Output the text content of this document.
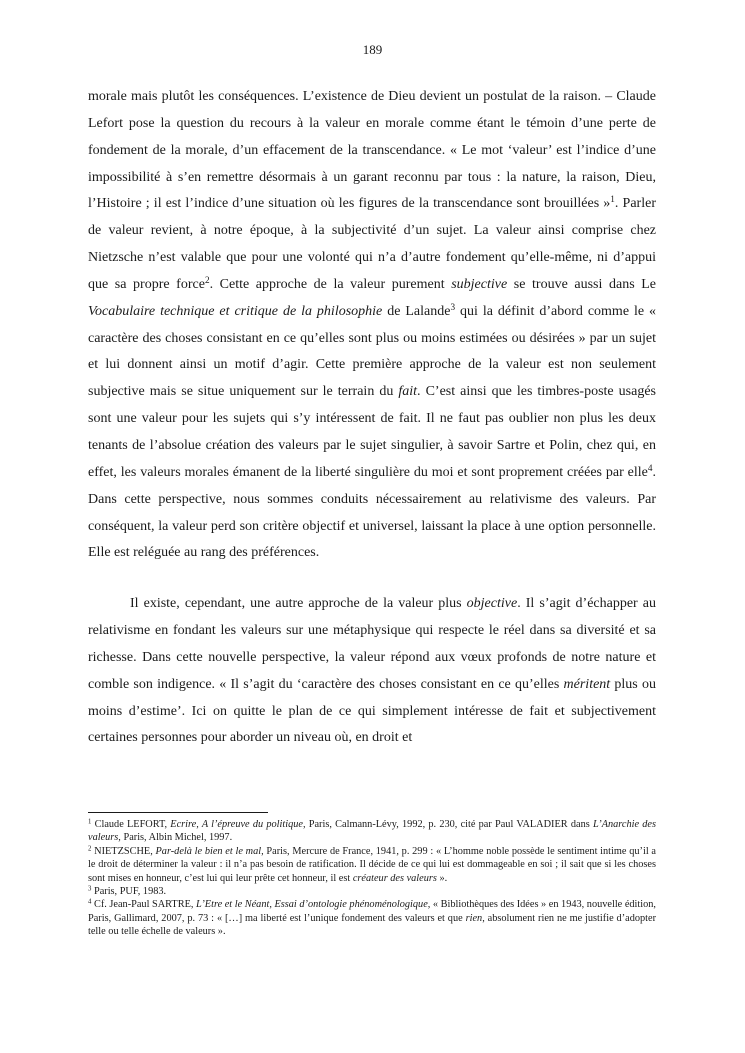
189

morale mais plutôt les conséquences. L’existence de Dieu devient un postulat de la raison. – Claude Lefort pose la question du recours à la valeur en morale comme étant le témoin d’une perte de fondement de la morale, d’un effacement de la transcendance. « Le mot ‘valeur’ est l’indice d’une impossibilité à s’en remettre désormais à un garant reconnu par tous : la nature, la raison, Dieu, l’Histoire ; il est l’indice d’une situation où les figures de la transcendance sont brouillées »$^1$. Parler de valeur revient, à notre époque, à la subjectivité d’un sujet. La valeur ainsi comprise chez Nietzsche n’est valable que pour une volonté qui n’a d’autre fondement qu’elle-même, ni d’appui que sa propre force$^2$. Cette approche de la valeur purement subjective se trouve aussi dans Le Vocabulaire technique et critique de la philosophie de Lalande$^3$ qui la définit d’abord comme le « caractère des choses consistant en ce qu’elles sont plus ou moins estimées ou désirées » par un sujet et lui donnent ainsi un motif d’agir. Cette première approche de la valeur est non seulement subjective mais se situe uniquement sur le terrain du fait. C’est ainsi que les timbres-poste usagés sont une valeur pour les sujets qui s’y intéressent de fait. Il ne faut pas oublier non plus les deux tenants de l’absolue création des valeurs par le sujet singulier, à savoir Sartre et Polin, chez qui, en effet, les valeurs morales émanent de la liberté singulière du moi et sont proprement créées par elle$^4$. Dans cette perspective, nous sommes conduits nécessairement au relativisme des valeurs. Par conséquent, la valeur perd son critère objectif et universel, laissant la place à une option personnelle. Elle est reléguée au rang des préférences.

Il existe, cependant, une autre approche de la valeur plus objective. Il s’agit d’échapper au relativisme en fondant les valeurs sur une métaphysique qui respecte le réel dans sa diversité et sa richesse. Dans cette nouvelle perspective, la valeur répond aux vœux profonds de notre nature et comble son indigence. « Il s’agit du ‘caractère des choses consistant en ce qu’elles méritent plus ou moins d’estime’. Ici on quitte le plan de ce qui simplement intéresse de fait et subjectivement certaines personnes pour aborder un niveau où, en droit et

$^1$ Claude LEFORT, Ecrire, A l’épreuve du politique, Paris, Calmann-Lévy, 1992, p. 230, cité par Paul VALADIER dans L’Anarchie des valeurs, Paris, Albin Michel, 1997.

$^2$ NIETZSCHE, Par-delà le bien et le mal, Paris, Mercure de France, 1941, p. 299 : « L’homme noble possède le sentiment intime qu’il a le droit de déterminer la valeur : il n’a pas besoin de ratification. Il décide de ce qui lui est dommageable en soi ; il sait que si les choses sont mises en honneur, c’est lui qui leur prête cet honneur, il est créateur des valeurs ».

$^3$ Paris, PUF, 1983.

$^4$ Cf. Jean-Paul SARTRE, L’Etre et le Néant, Essai d’ontologie phénoménologique, « Bibliothèques des Idées » en 1943, nouvelle édition, Paris, Gallimard, 2007, p. 73 : « […] ma liberté est l’unique fondement des valeurs et que rien, absolument rien ne me justifie d’adopter telle ou telle échelle de valeurs ».
